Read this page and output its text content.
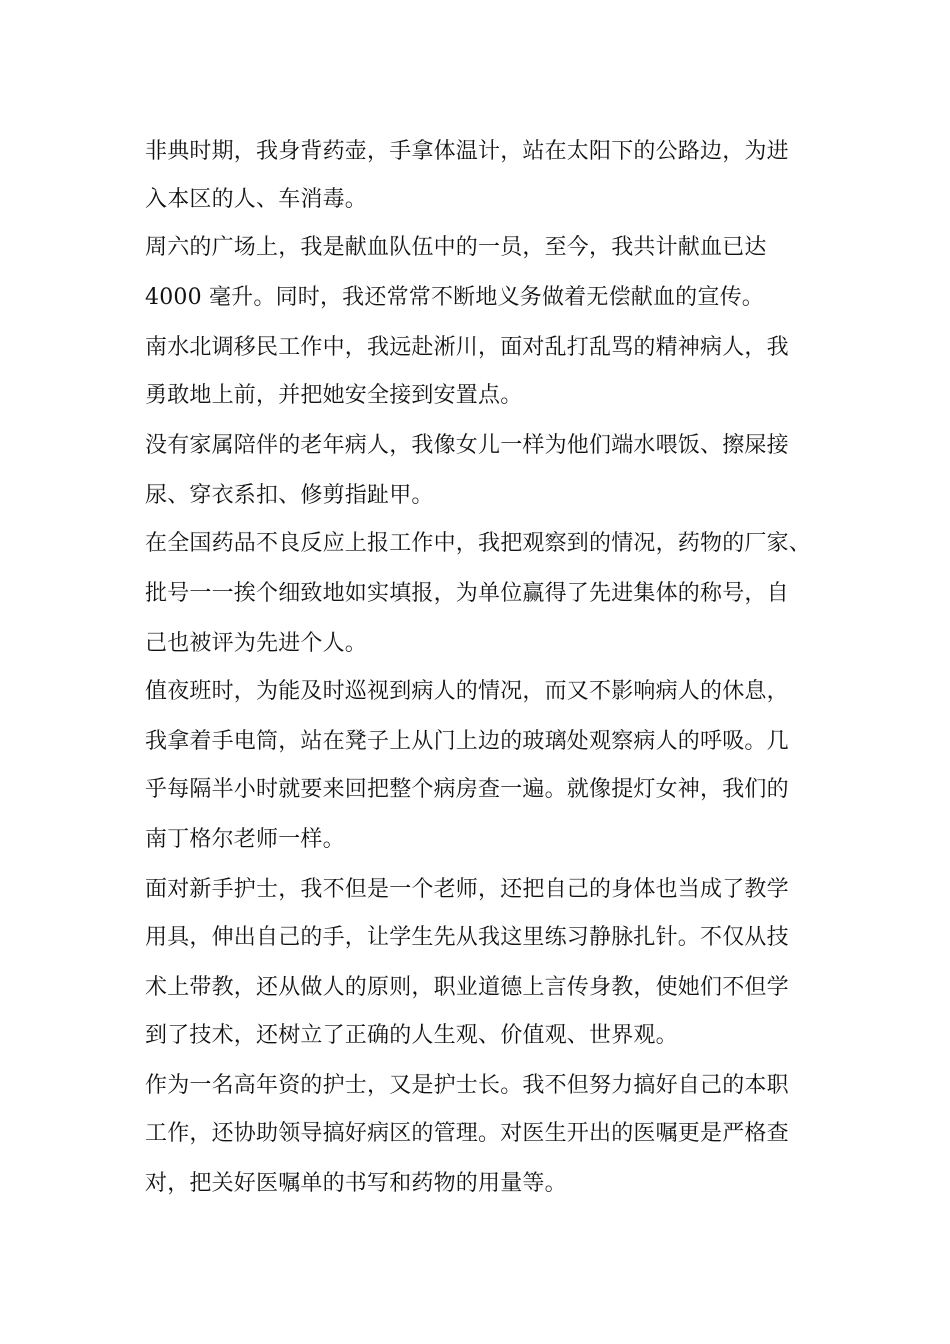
非典时期，我身背药壶，手拿体温计，站在太阳下的公路边，为进
入本区的人、车消毒。
周六的广场上，我是献血队伍中的一员，至今，我共计献血已达
4000 毫升。同时，我还常常不断地义务做着无偿献血的宣传。
南水北调移民工作中，我远赴淅川，面对乱打乱骂的精神病人，我
勇敢地上前，并把她安全接到安置点。
没有家属陪伴的老年病人，我像女儿一样为他们端水喂饭、擦屎接
尿、穿衣系扣、修剪指趾甲。
在全国药品不良反应上报工作中，我把观察到的情况，药物的厂家、
批号一一挨个细致地如实填报，为单位赢得了先进集体的称号，自
己也被评为先进个人。
值夜班时，为能及时巡视到病人的情况，而又不影响病人的休息，
我拿着手电筒，站在凳子上从门上边的玻璃处观察病人的呼吸。几
乎每隔半小时就要来回把整个病房查一遍。就像提灯女神，我们的
南丁格尔老师一样。
面对新手护士，我不但是一个老师，还把自己的身体也当成了教学
用具，伸出自己的手，让学生先从我这里练习静脉扎针。不仅从技
术上带教，还从做人的原则，职业道德上言传身教，使她们不但学
到了技术，还树立了正确的人生观、价值观、世界观。
作为一名高年资的护士，又是护士长。我不但努力搞好自己的本职
工作，还协助领导搞好病区的管理。对医生开出的医嘱更是严格查
对，把关好医嘱单的书写和药物的用量等。
